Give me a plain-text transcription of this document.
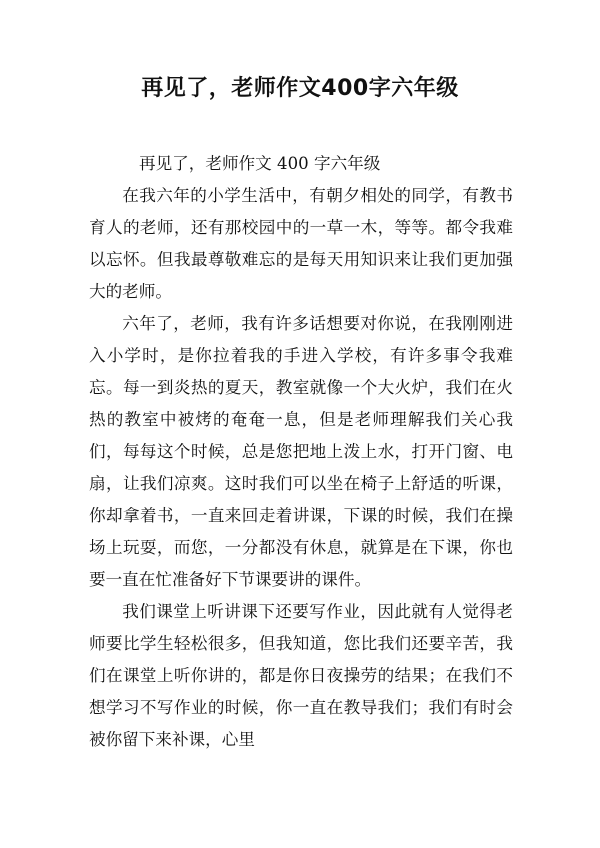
再见了，老师作文400字六年级

再见了，老师作文 400 字六年级

在我六年的小学生活中，有朝夕相处的同学，有教书育人的老师，还有那校园中的一草一木，等等。都令我难以忘怀。但我最尊敬难忘的是每天用知识来让我们更加强大的老师。

六年了，老师，我有许多话想要对你说，在我刚刚进入小学时，是你拉着我的手进入学校，有许多事令我难忘。每一到炎热的夏天，教室就像一个大火炉，我们在火热的教室中被烤的奄奄一息，但是老师理解我们关心我们，每每这个时候，总是您把地上泼上水，打开门窗、电扇，让我们凉爽。这时我们可以坐在椅子上舒适的听课，你却拿着书，一直来回走着讲课，下课的时候，我们在操场上玩耍，而您，一分都没有休息，就算是在下课，你也要一直在忙准备好下节课要讲的课件。

我们课堂上听讲课下还要写作业，因此就有人觉得老师要比学生轻松很多，但我知道，您比我们还要辛苦，我们在课堂上听你讲的，都是你日夜操劳的结果；在我们不想学习不写作业的时候，你一直在教导我们；我们有时会被你留下来补课，心里
